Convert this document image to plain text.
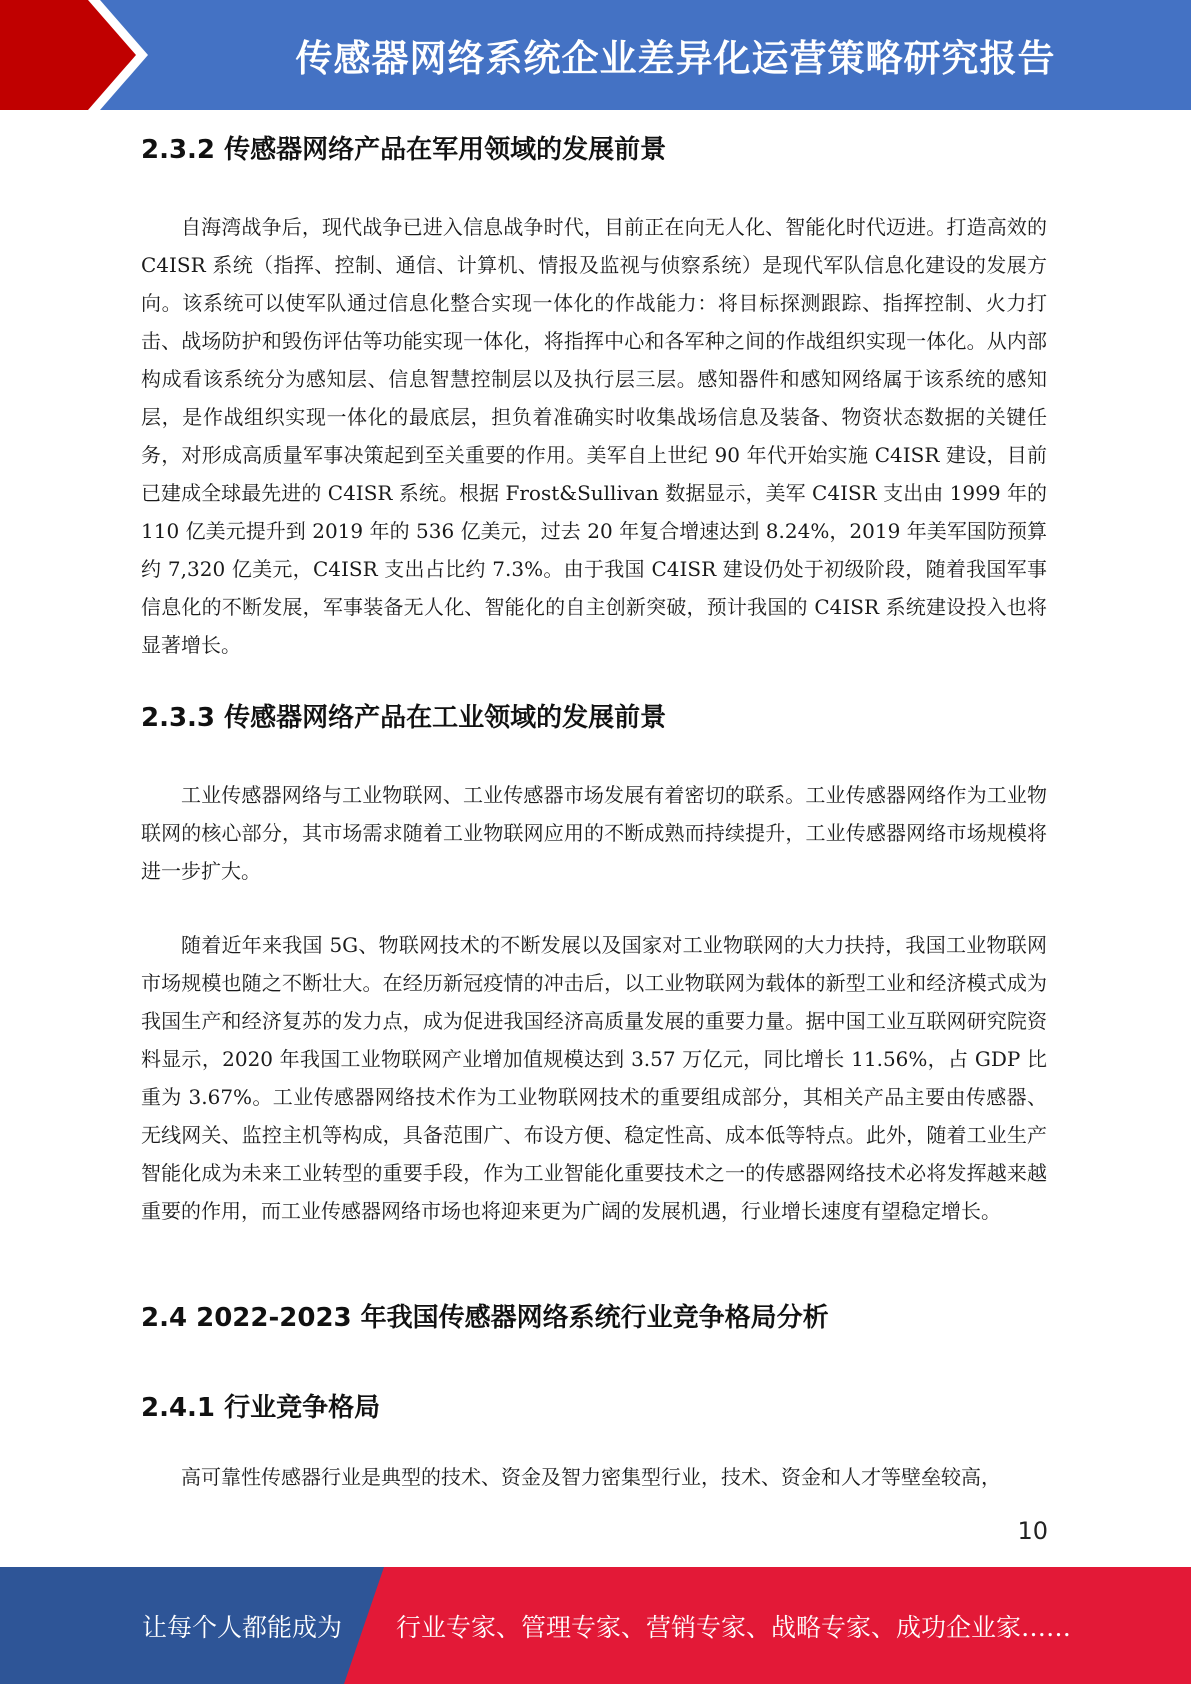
传感器网络系统企业差异化运营策略研究报告
2.3.2 传感器网络产品在军用领域的发展前景

自海湾战争后，现代战争已进入信息战争时代，目前正在向无人化、智能化时代迈进。打造高效的 C4ISR 系统（指挥、控制、通信、计算机、情报及监视与侦察系统）是现代军队信息化建设的发展方向。该系统可以使军队通过信息化整合实现一体化的作战能力：将目标探测跟踪、指挥控制、火力打击、战场防护和毁伤评估等功能实现一体化，将指挥中心和各军种之间的作战组织实现一体化。从内部构成看该系统分为感知层、信息智慧控制层以及执行层三层。感知器件和感知网络属于该系统的感知层，是作战组织实现一体化的最底层，担负着准确实时收集战场信息及装备、物资状态数据的关键任务，对形成高质量军事决策起到至关重要的作用。美军自上世纪 90 年代开始实施 C4ISR 建设，目前已建成全球最先进的 C4ISR 系统。根据 Frost&Sullivan 数据显示，美军 C4ISR 支出由 1999 年的 110 亿美元提升到 2019 年的 536 亿美元，过去 20 年复合增速达到 8.24%，2019 年美军国防预算约 7,320 亿美元，C4ISR 支出占比约 7.3%。由于我国 C4ISR 建设仍处于初级阶段，随着我国军事信息化的不断发展，军事装备无人化、智能化的自主创新突破，预计我国的 C4ISR 系统建设投入也将显著增长。

2.3.3 传感器网络产品在工业领域的发展前景

工业传感器网络与工业物联网、工业传感器市场发展有着密切的联系。工业传感器网络作为工业物联网的核心部分，其市场需求随着工业物联网应用的不断成熟而持续提升，工业传感器网络市场规模将进一步扩大。

随着近年来我国 5G、物联网技术的不断发展以及国家对工业物联网的大力扶持，我国工业物联网市场规模也随之不断壮大。在经历新冠疫情的冲击后，以工业物联网为载体的新型工业和经济模式成为我国生产和经济复苏的发力点，成为促进我国经济高质量发展的重要力量。据中国工业互联网研究院资料显示，2020 年我国工业物联网产业增加值规模达到 3.57 万亿元，同比增长 11.56%，占 GDP 比重为 3.67%。工业传感器网络技术作为工业物联网技术的重要组成部分，其相关产品主要由传感器、无线网关、监控主机等构成，具备范围广、布设方便、稳定性高、成本低等特点。此外，随着工业生产智能化成为未来工业转型的重要手段，作为工业智能化重要技术之一的传感器网络技术必将发挥越来越重要的作用，而工业传感器网络市场也将迎来更为广阔的发展机遇，行业增长速度有望稳定增长。

2.4 2022-2023 年我国传感器网络系统行业竞争格局分析
2.4.1 行业竞争格局

高可靠性传感器行业是典型的技术、资金及智力密集型行业，技术、资金和人才等壁垒较高，

10
让每个人都能成为 行业专家、管理专家、营销专家、战略专家、成功企业家……
